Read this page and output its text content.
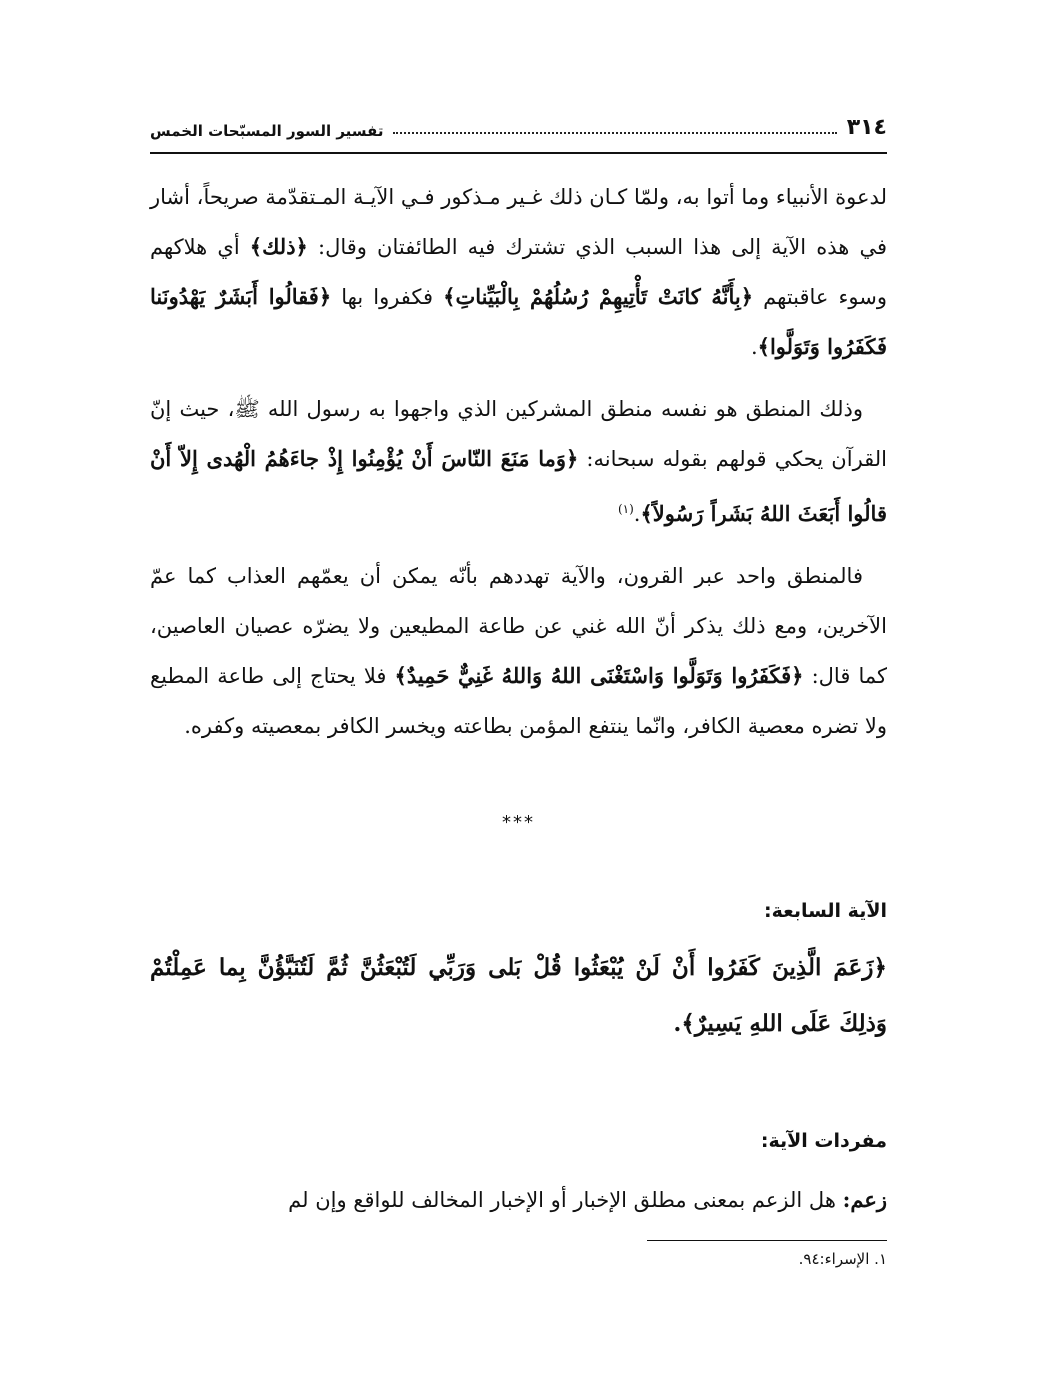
٣١٤
تفسير السور المسبّحات الخمس

لدعوة الأنبياء وما أتوا به، ولمّا كـان ذلك غـير مـذكور فـي الآيـة المـتقدّمة صريحاً، أشار في هذه الآية إلى هذا السبب الذي تشترك فيه الطائفتان وقال: ﴿ذلك﴾ أي هلاكهم وسوء عاقبتهم ﴿بِأَنَّهُ كانَتْ تَأْتِيهِمْ رُسُلُهُمْ بِالْبَيِّناتِ﴾ فكفروا بها ﴿فَقالُوا أَبَشَرٌ يَهْدُونَنا فَكَفَرُوا وَتَوَلَّوا﴾.

وذلك المنطق هو نفسه منطق المشركين الذي واجهوا به رسول الله ﷺ، حيث إنّ القرآن يحكي قولهم بقوله سبحانه: ﴿وَما مَنَعَ النّاسَ أَنْ يُؤْمِنُوا إِذْ جاءَهُمُ الْهُدى إِلاّ أَنْ قالُوا أَبَعَثَ اللهُ بَشَراً رَسُولاً﴾.$^{(١)}$

فالمنطق واحد عبر القرون، والآية تهددهم بأنّه يمكن أن يعمّهم العذاب كما عمّ الآخرين، ومع ذلك يذكر أنّ الله غني عن طاعة المطيعين ولا يضرّه عصيان العاصين، كما قال: ﴿فَكَفَرُوا وَتَوَلَّوا وَاسْتَغْنَى اللهُ وَاللهُ غَنِيٌّ حَمِيدٌ﴾ فلا يحتاج إلى طاعة المطيع ولا تضره معصية الكافر، وانّما ينتفع المؤمن بطاعته ويخسر الكافر بمعصيته وكفره.

***
الآية السابعة:
﴿زَعَمَ الَّذِينَ كَفَرُوا أَنْ لَنْ يُبْعَثُوا قُلْ بَلى وَرَبِّي لَتُبْعَثُنَّ ثُمَّ لَتُنَبَّؤُنَّ بِما عَمِلْتُمْ وَذلِكَ عَلَى اللهِ يَسِيرٌ﴾.
مفردات الآية:
زعم: هل الزعم بمعنى مطلق الإخبار أو الإخبار المخالف للواقع وإن لم
١. الإسراء:٩٤.
